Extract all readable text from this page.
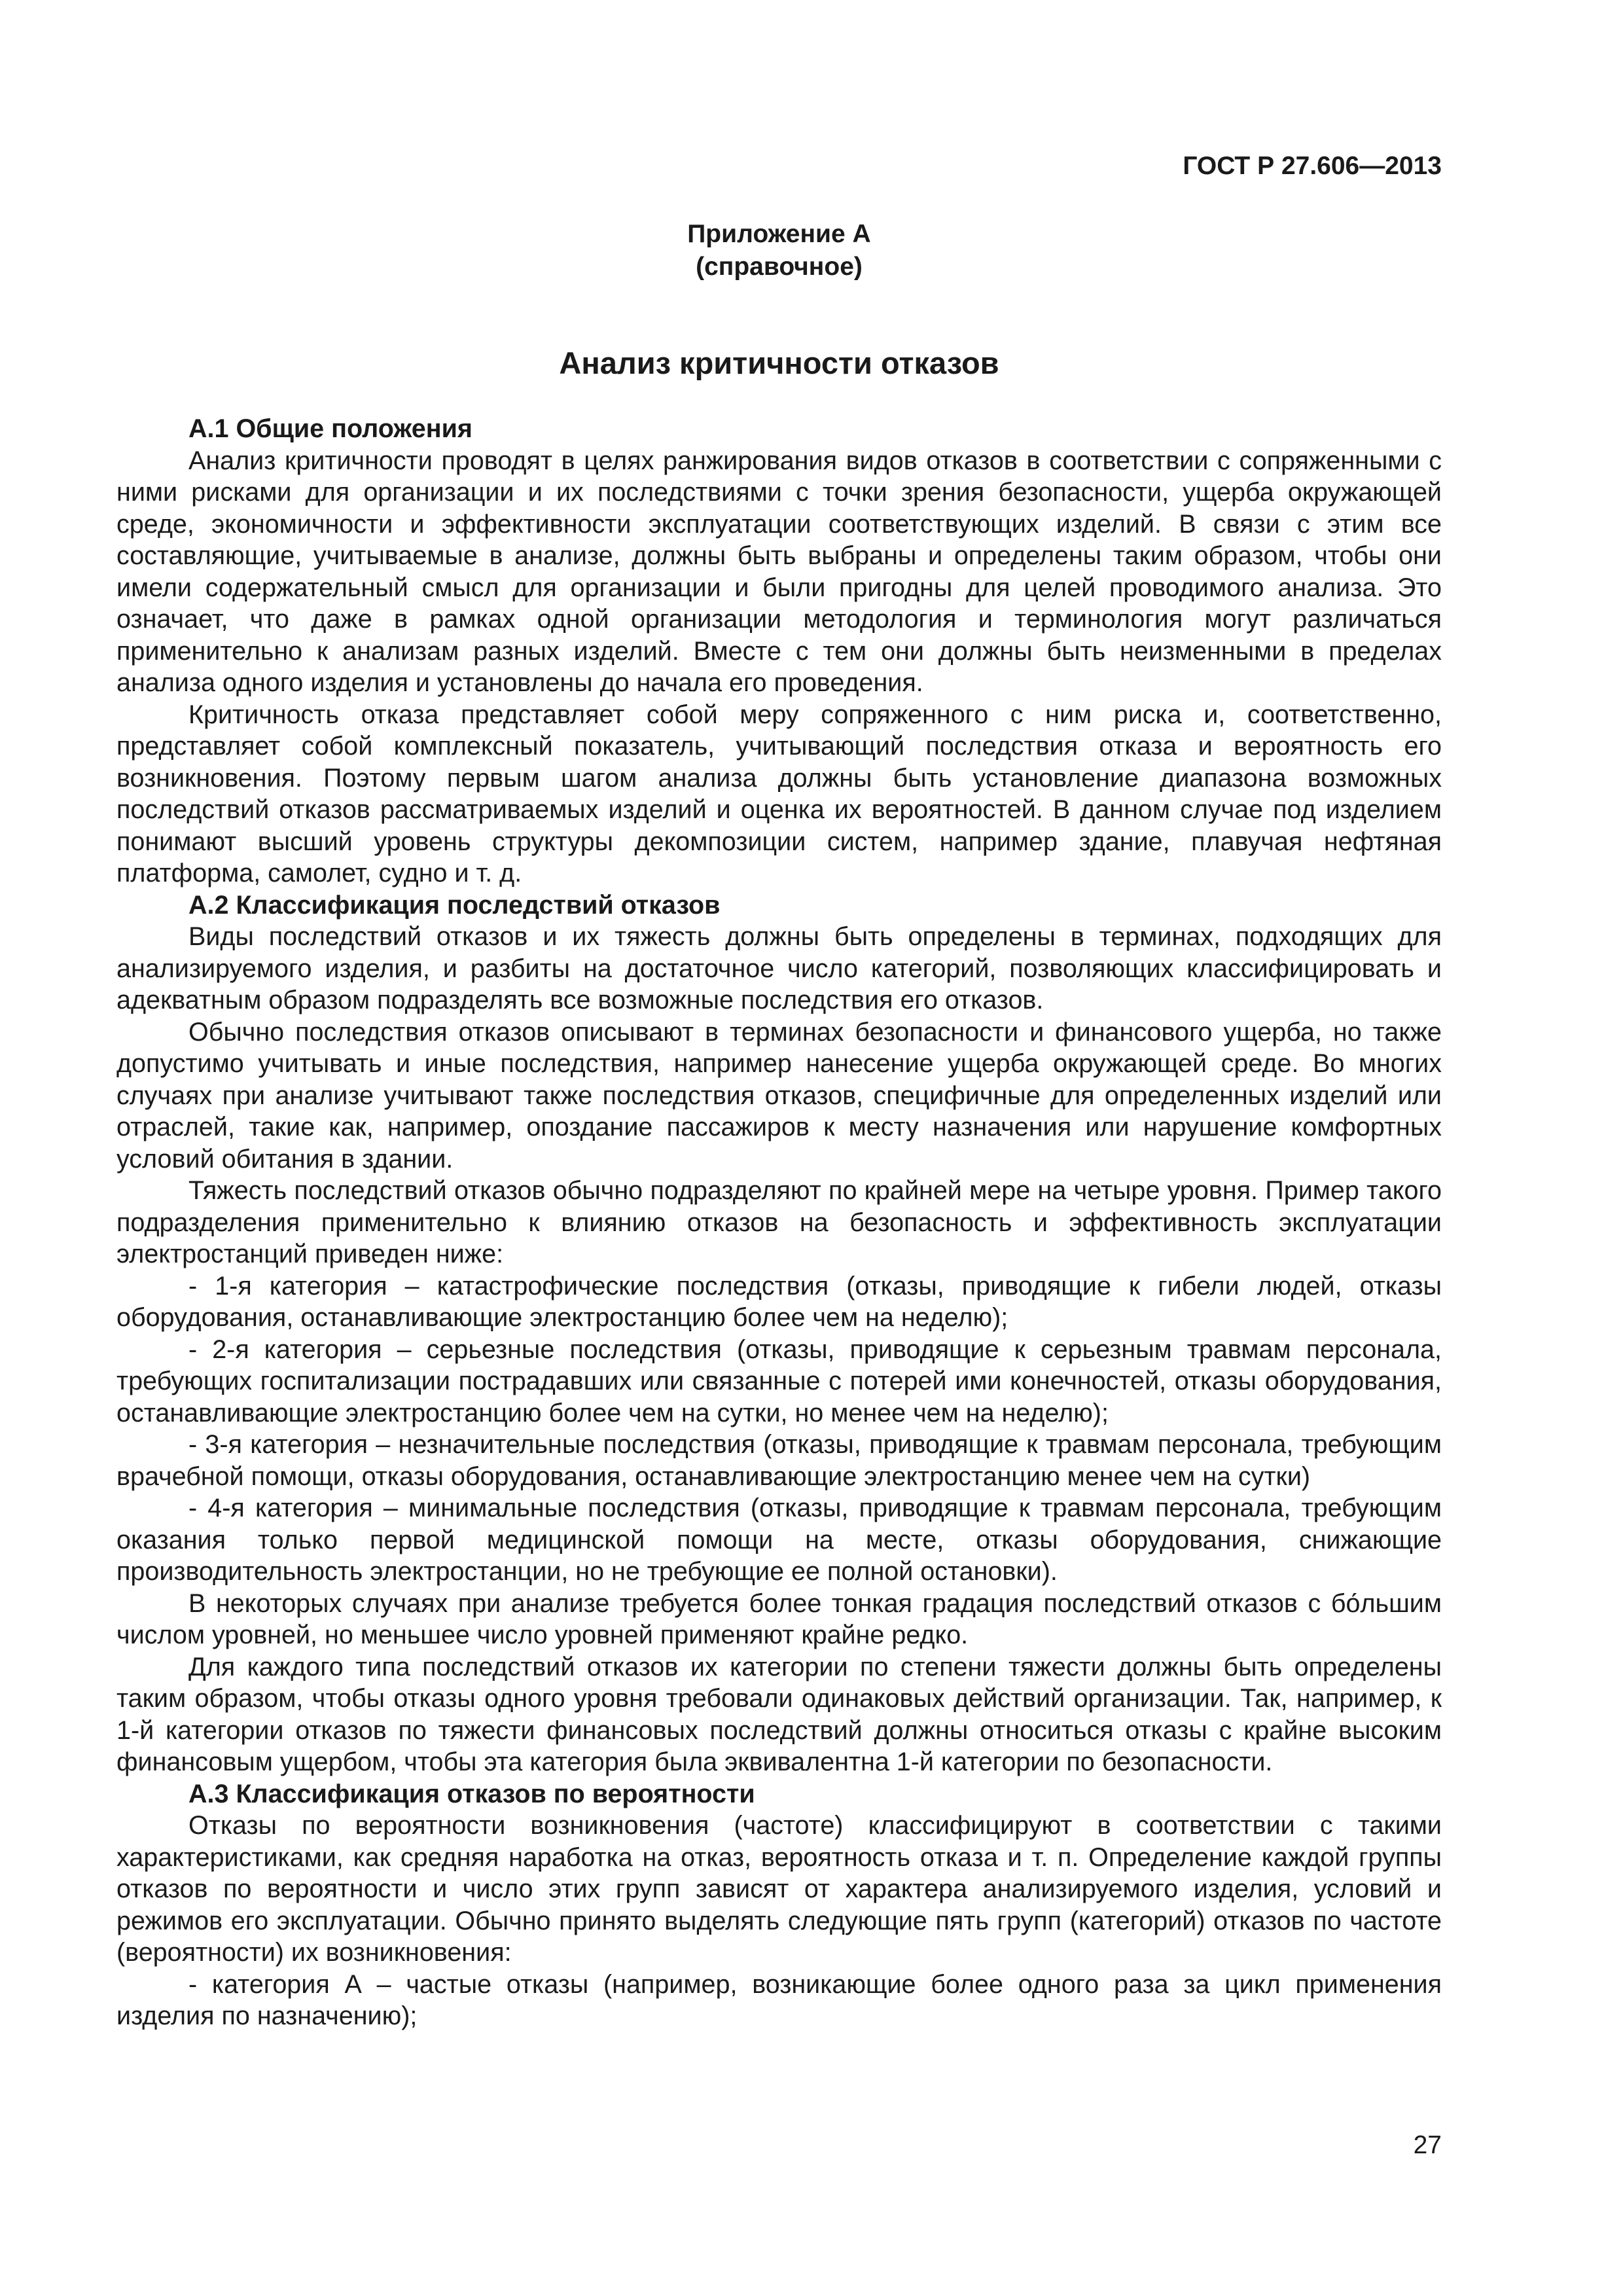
ГОСТ Р 27.606—2013

Приложение А
(справочное)
Анализ критичности отказов
А.1 Общие положения

Анализ критичности проводят в целях ранжирования видов отказов в соответствии с сопряженными с ними рисками для организации и их последствиями с точки зрения безопасности, ущерба окружающей среде, экономичности и эффективности эксплуатации соответствующих изделий. В связи с этим все составляющие, учитываемые в анализе, должны быть выбраны и определены таким образом, чтобы они имели содержательный смысл для организации и были пригодны для целей проводимого анализа. Это означает, что даже в рамках одной организации методология и терминология могут различаться применительно к анализам разных изделий. Вместе с тем они должны быть неизменными в пределах анализа одного изделия и установлены до начала его проведения.

Критичность отказа представляет собой меру сопряженного с ним риска и, соответственно, представляет собой комплексный показатель, учитывающий последствия отказа и вероятность его возникновения. Поэтому первым шагом анализа должны быть установление диапазона возможных последствий отказов рассматриваемых изделий и оценка их вероятностей. В данном случае под изделием понимают высший уровень структуры декомпозиции систем, например здание, плавучая нефтяная платформа, самолет, судно и т. д.

А.2 Классификация последствий отказов

Виды последствий отказов и их тяжесть должны быть определены в терминах, подходящих для анализируемого изделия, и разбиты на достаточное число категорий, позволяющих классифицировать и адекватным образом подразделять все возможные последствия его отказов.

Обычно последствия отказов описывают в терминах безопасности и финансового ущерба, но также допустимо учитывать и иные последствия, например нанесение ущерба окружающей среде. Во многих случаях при анализе учитывают также последствия отказов, специфичные для определенных изделий или отраслей, такие как, например, опоздание пассажиров к месту назначения или нарушение комфортных условий обитания в здании.

Тяжесть последствий отказов обычно подразделяют по крайней мере на четыре уровня. Пример такого подразделения применительно к влиянию отказов на безопасность и эффективность эксплуатации электростанций приведен ниже:

- 1-я категория – катастрофические последствия (отказы, приводящие к гибели людей, отказы оборудования, останавливающие электростанцию более чем на неделю);

- 2-я категория – серьезные последствия (отказы, приводящие к серьезным травмам персонала, требующих госпитализации пострадавших или связанные с потерей ими конечностей, отказы оборудования, останавливающие электростанцию более чем на сутки, но менее чем на неделю);

- 3-я категория – незначительные последствия (отказы, приводящие к травмам персонала, требующим врачебной помощи, отказы оборудования, останавливающие электростанцию менее чем на сутки)

- 4-я категория – минимальные последствия (отказы, приводящие к травмам персонала, требующим оказания только первой медицинской помощи на месте, отказы оборудования, снижающие производительность электростанции, но не требующие ее полной остановки).

В некоторых случаях при анализе требуется более тонкая градация последствий отказов с бо́льшим числом уровней, но меньшее число уровней применяют крайне редко.

Для каждого типа последствий отказов их категории по степени тяжести должны быть определены таким образом, чтобы отказы одного уровня требовали одинаковых действий организации. Так, например, к 1-й категории отказов по тяжести финансовых последствий должны относиться отказы с крайне высоким финансовым ущербом, чтобы эта категория была эквивалентна 1-й категории по безопасности.

А.3 Классификация отказов по вероятности

Отказы по вероятности возникновения (частоте) классифицируют в соответствии с такими характеристиками, как средняя наработка на отказ, вероятность отказа и т. п. Определение каждой группы отказов по вероятности и число этих групп зависят от характера анализируемого изделия, условий и режимов его эксплуатации. Обычно принято выделять следующие пять групп (категорий) отказов по частоте (вероятности) их возникновения:

- категория А – частые отказы (например, возникающие более одного раза за цикл применения изделия по назначению);

27
